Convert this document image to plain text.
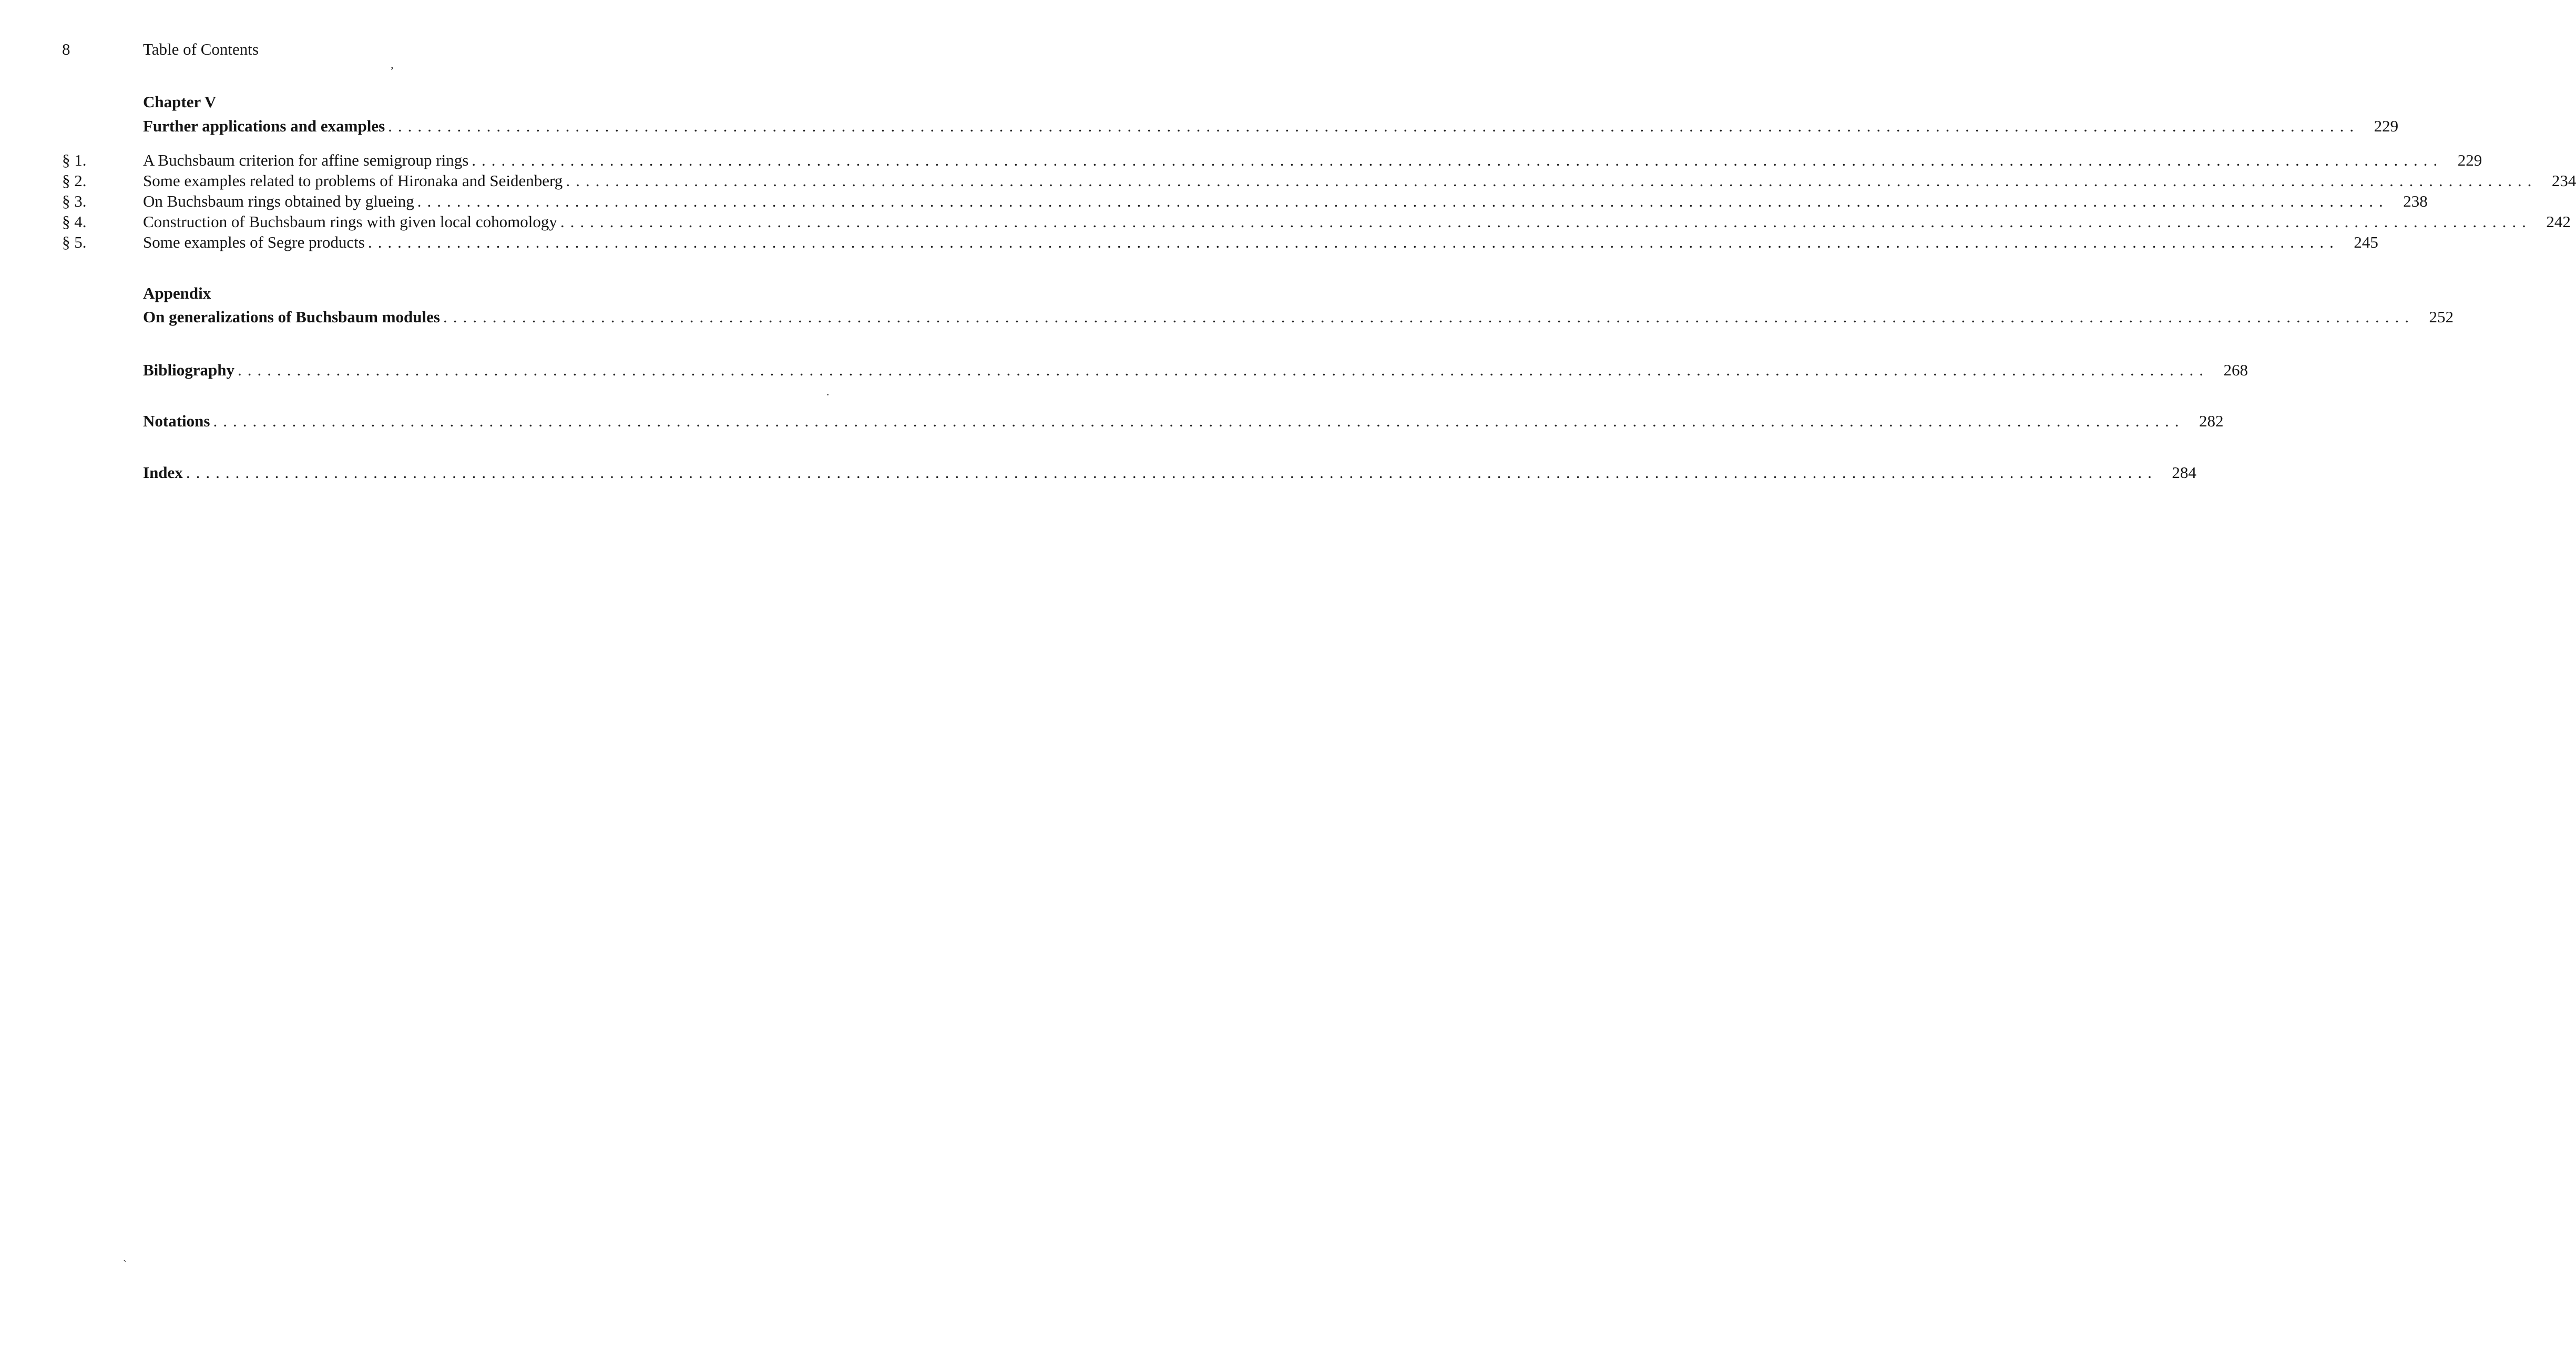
8	Table of Contents
Chapter V
Further applications and examples ........................................................................................................................................................................................................ 229
§ 1.	A Buchsbaum criterion for affine semigroup rings ........................................................................................................................................................................................................ 229
§ 2.	Some examples related to problems of Hironaka and Seidenberg ........................................................................................................................................................................................................ 234
§ 3.	On Buchsbaum rings obtained by glueing ........................................................................................................................................................................................................ 238
§ 4.	Construction of Buchsbaum rings with given local cohomology ........................................................................................................................................................................................................ 242
§ 5.	Some examples of Segre products ........................................................................................................................................................................................................ 245
Appendix
On generalizations of Buchsbaum modules ........................................................................................................................................................................................................ 252
Bibliography ........................................................................................................................................................................................................ 268
Notations ........................................................................................................................................................................................................ 282
Index ........................................................................................................................................................................................................ 284
’
·
`
